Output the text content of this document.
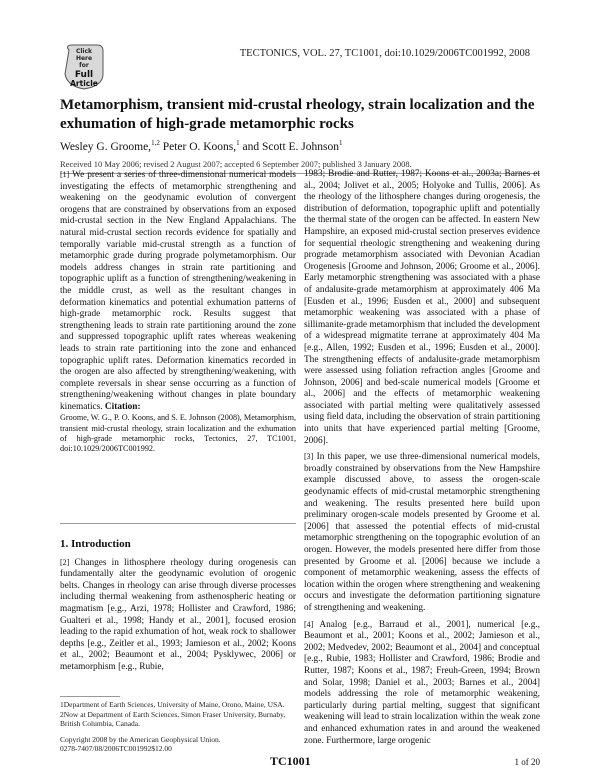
Click
Here
for
Full
Article
TECTONICS, VOL. 27, TC1001, doi:10.1029/2006TC001992, 2008
Metamorphism, transient mid-crustal rheology, strain localization and the exhumation of high-grade metamorphic rocks
Wesley G. Groome,$^{1,2}$ Peter O. Koons,$^1$ and Scott E. Johnson$^1$
Received 10 May 2006; revised 2 August 2007; accepted 6 September 2007; published 3 January 2008.

[1] We present a series of three-dimensional numerical models investigating the effects of metamorphic strengthening and weakening on the geodynamic evolution of convergent orogens that are constrained by observations from an exposed mid-crustal section in the New England Appalachians. The natural mid-crustal section records evidence for spatially and temporally variable mid-crustal strength as a function of metamorphic grade during prograde polymetamorphism. Our models address changes in strain rate partitioning and topographic uplift as a function of strengthening/weakening in the middle crust, as well as the resultant changes in deformation kinematics and potential exhumation patterns of high-grade metamorphic rock. Results suggest that strengthening leads to strain rate partitioning around the zone and suppressed topographic uplift rates whereas weakening leads to strain rate partitioning into the zone and enhanced topographic uplift rates. Deformation kinematics recorded in the orogen are also affected by strengthening/weakening, with complete reversals in shear sense occurring as a function of strengthening/weakening without changes in plate boundary kinematics. Citation:

Groome, W. G., P. O. Koons, and S. E. Johnson (2008), Metamorphism, transient mid-crustal rheology, strain localization and the exhumation of high-grade metamorphic rocks, Tectonics, 27, TC1001, doi:10.1029/2006TC001992.

1. Introduction

[2] Changes in lithosphere rheology during orogenesis can fundamentally alter the geodynamic evolution of orogenic belts. Changes in rheology can arise through diverse processes including thermal weakening from asthenospheric heating or magmatism [e.g., Arzi, 1978; Hollister and Crawford, 1986; Gualteri et al., 1998; Handy et al., 2001], focused erosion leading to the rapid exhumation of hot, weak rock to shallower depths [e.g., Zeitler et al., 1993; Jamieson et al., 2002; Koons et al., 2002; Beaumont et al., 2004; Pysklywec, 2006] or metamorphism [e.g., Rubie,

1Department of Earth Sciences, University of Maine, Orono, Maine, USA.
2Now at Department of Earth Sciences, Simon Fraser University, Burnaby, British Columbia, Canada.
Copyright 2008 by the American Geophysical Union.
0278-7407/08/2006TC001992$12.00

1983; Brodie and Rutter, 1987; Koons et al., 2003a; Barnes et al., 2004; Jolivet et al., 2005; Holyoke and Tullis, 2006]. As the rheology of the lithosphere changes during orogenesis, the distribution of deformation, topographic uplift and potentially the thermal state of the orogen can be affected. In eastern New Hampshire, an exposed mid-crustal section preserves evidence for sequential rheologic strengthening and weakening during prograde metamorphism associated with Devonian Acadian Orogenesis [Groome and Johnson, 2006; Groome et al., 2006]. Early metamorphic strengthening was associated with a phase of andalusite-grade metamorphism at approximately 406 Ma [Eusden et al., 1996; Eusden et al., 2000] and subsequent metamorphic weakening was associated with a phase of sillimanite-grade metamorphism that included the development of a widespread migmatite terrane at approximately 404 Ma [e.g., Allen, 1992; Eusden et al., 1996; Eusden et al., 2000]. The strengthening effects of andalusite-grade metamorphism were assessed using foliation refraction angles [Groome and Johnson, 2006] and bed-scale numerical models [Groome et al., 2006] and the effects of metamorphic weakening associated with partial melting were qualitatively assessed using field data, including the observation of strain partitioning into units that have experienced partial melting [Groome, 2006].

[3] In this paper, we use three-dimensional numerical models, broadly constrained by observations from the New Hampshire example discussed above, to assess the orogen-scale geodynamic effects of mid-crustal metamorphic strengthening and weakening. The results presented here build upon preliminary orogen-scale models presented by Groome et al. [2006] that assessed the potential effects of mid-crustal metamorphic strengthening on the topographic evolution of an orogen. However, the models presented here differ from those presented by Groome et al. [2006] because we include a component of metamorphic weakening, assess the effects of location within the orogen where strengthening and weakening occurs and investigate the deformation partitioning signature of strengthening and weakening.

[4] Analog [e.g., Barraud et al., 2001], numerical [e.g., Beaumont et al., 2001; Koons et al., 2002; Jamieson et al., 2002; Medvedev, 2002; Beaumont et al., 2004] and conceptual [e.g., Rubie, 1983; Hollister and Crawford, 1986; Brodie and Rutter, 1987; Koons et al., 1987; Freuh-Green, 1994; Brown and Solar, 1998; Daniel et al., 2003; Barnes et al., 2004] models addressing the role of metamorphic weakening, particularly during partial melting, suggest that significant weakening will lead to strain localization within the weak zone and enhanced exhumation rates in and around the weakened zone. Furthermore, large orogenic

TC1001	1 of 20
